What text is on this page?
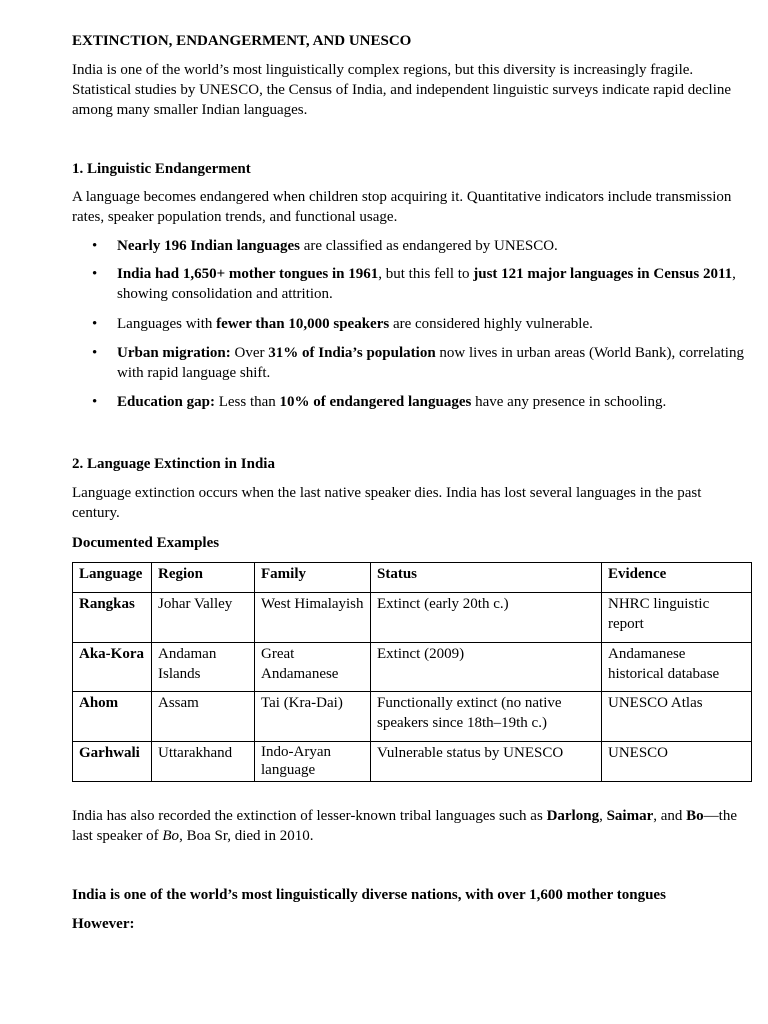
EXTINCTION, ENDANGERMENT, AND UNESCO

India is one of the world’s most linguistically complex regions, but this diversity is increasingly fragile. Statistical studies by UNESCO, the Census of India, and independent linguistic surveys indicate rapid decline among many smaller Indian languages.

1. Linguistic Endangerment

A language becomes endangered when children stop acquiring it. Quantitative indicators include transmission rates, speaker population trends, and functional usage.

• Nearly 196 Indian languages are classified as endangered by UNESCO.
• India had 1,650+ mother tongues in 1961, but this fell to just 121 major languages in Census 2011, showing consolidation and attrition.
• Languages with fewer than 10,000 speakers are considered highly vulnerable.
• Urban migration: Over 31% of India’s population now lives in urban areas (World Bank), correlating with rapid language shift.
• Education gap: Less than 10% of endangered languages have any presence in schooling.
2. Language Extinction in India

Language extinction occurs when the last native speaker dies. India has lost several languages in the past century.

Documented Examples
Language	Region	Family	Status	Evidence
Rangkas	Johar Valley	West Himalayish	Extinct (early 20th c.)	NHRC linguistic report
Aka-Kora	Andaman Islands	Great Andamanese	Extinct (2009)	Andamanese historical database
Ahom	Assam	Tai (Kra-Dai)	Functionally extinct (no native speakers since 18th–19th c.)	UNESCO Atlas
Garhwali	Uttarakhand	Indo-Aryan language	Vulnerable status by UNESCO	UNESCO

India has also recorded the extinction of lesser-known tribal languages such as Darlong, Saimar, and Bo—the last speaker of Bo, Boa Sr, died in 2010.

India is one of the world’s most linguistically diverse nations, with over 1,600 mother tongues

However:
